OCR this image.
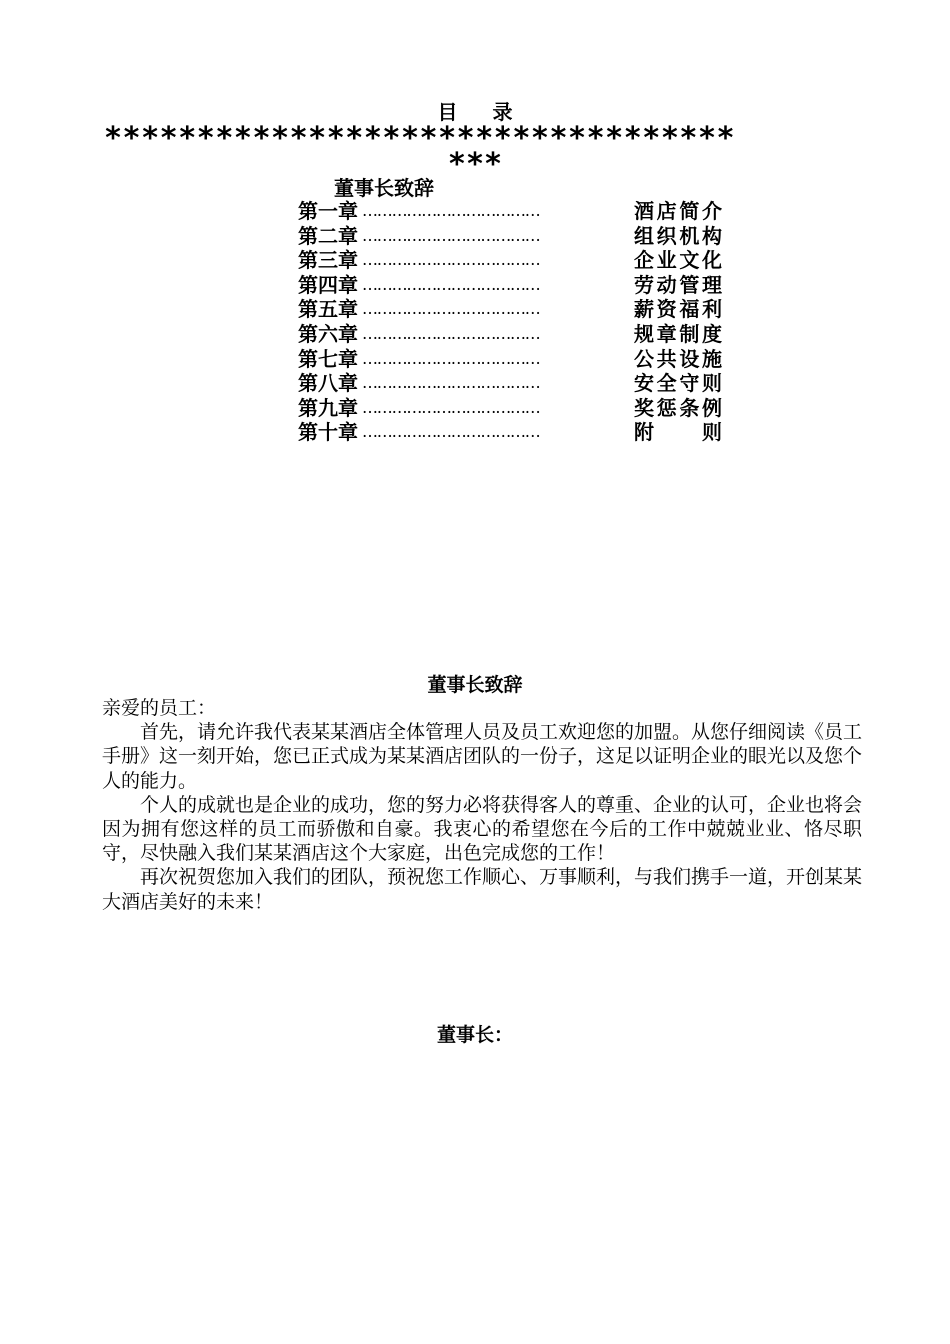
目 录
**********************************
***
董事长致辞
第一章 ………………………………	酒店简介
第二章 ………………………………	组织机构
第三章 ………………………………	企业文化
第四章 ………………………………	劳动管理
第五章 ………………………………	薪资福利
第六章 ………………………………	规章制度
第七章 ………………………………	公共设施
第八章 ………………………………	安全守则
第九章 ………………………………	奖惩条例
第十章 ………………………………	附则
董事长致辞

亲爱的员工：

首先，请允许我代表某某酒店全体管理人员及员工欢迎您的加盟。从您仔细阅读《员工手册》这一刻开始，您已正式成为某某酒店团队的一份子，这足以证明企业的眼光以及您个人的能力。

个人的成就也是企业的成功，您的努力必将获得客人的尊重、企业的认可，企业也将会因为拥有您这样的员工而骄傲和自豪。我衷心的希望您在今后的工作中兢兢业业、恪尽职守，尽快融入我们某某酒店这个大家庭，出色完成您的工作！

再次祝贺您加入我们的团队，预祝您工作顺心、万事顺利，与我们携手一道，开创某某大酒店美好的未来！

董事长：
